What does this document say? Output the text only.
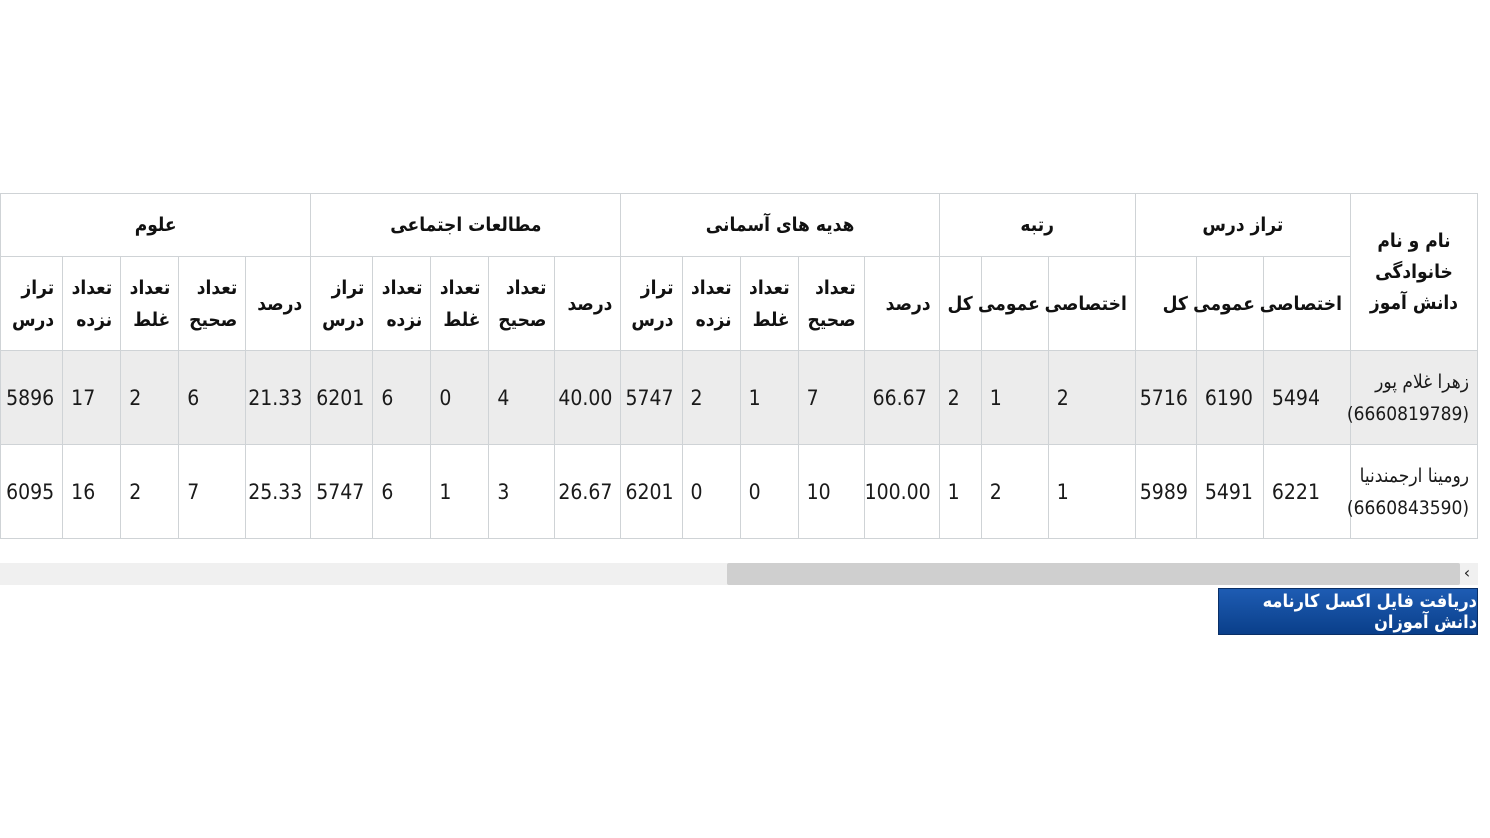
نام و نام خانوادگی دانش آموز	تراز درس			رتبه			هدیه های آسمانی					مطالعات اجتماعی					علوم				
	اختصاصی	عمومی	کل	اختصاصی	عمومی	کل	درصد	تعداد صحیح	تعداد غلط	تعداد نزده	تراز درس	درصد	تعداد صحیح	تعداد غلط	تعداد نزده	تراز درس	درصد	تعداد صحیح	تعداد غلط	تعداد نزده	تراز درس
زهرا غلام پور (6660819789)	5494	6190	5716	2	1	2	66.67	7	1	2	5747	40.00	4	0	6	6201	21.33	6	2	17	5896
رومینا ارجمندنیا (6660843590)	6221	5491	5989	1	2	1	100.00	10	0	0	6201	26.67	3	1	6	5747	25.33	7	2	16	6095
‹
دریافت فایل اکسل کارنامه دانش آموزان
